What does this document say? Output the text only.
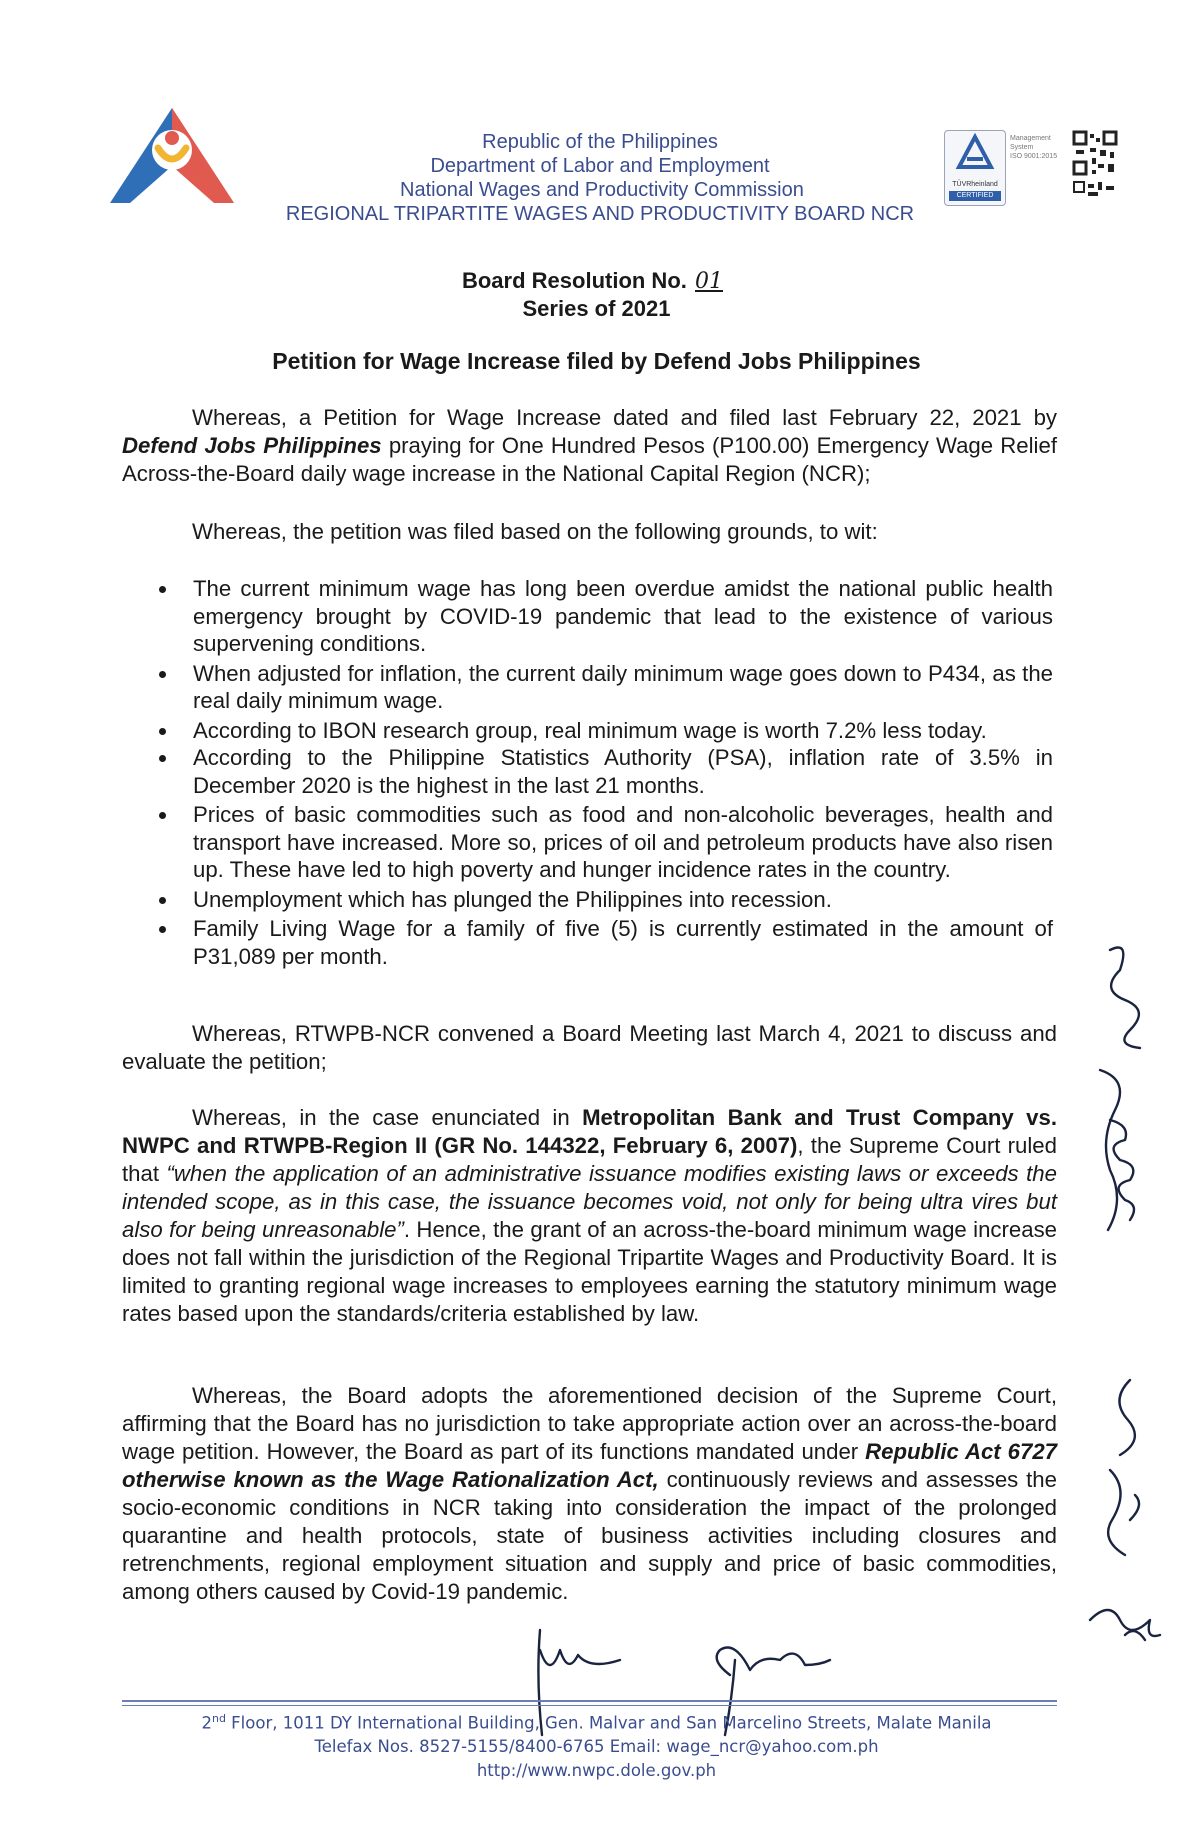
Republic of the Philippines
Department of Labor and Employment
National Wages and Productivity Commission
REGIONAL TRIPARTITE WAGES AND PRODUCTIVITY BOARD NCR
TÜVRheinland
CERTIFIED
Management System
ISO 9001:2015
Board Resolution No. 01
Series of 2021
Petition for Wage Increase filed by Defend Jobs Philippines
Whereas, a Petition for Wage Increase dated and filed last February 22, 2021 by Defend Jobs Philippines praying for One Hundred Pesos (P100.00) Emergency Wage Relief Across-the-Board daily wage increase in the National Capital Region (NCR);
Whereas, the petition was filed based on the following grounds, to wit:
The current minimum wage has long been overdue amidst the national public health emergency brought by COVID-19 pandemic that lead to the existence of various supervening conditions.
When adjusted for inflation, the current daily minimum wage goes down to P434, as the real daily minimum wage.
According to IBON research group, real minimum wage is worth 7.2% less today.
According to the Philippine Statistics Authority (PSA), inflation rate of 3.5% in December 2020 is the highest in the last 21 months.
Prices of basic commodities such as food and non-alcoholic beverages, health and transport have increased. More so, prices of oil and petroleum products have also risen up. These have led to high poverty and hunger incidence rates in the country.
Unemployment which has plunged the Philippines into recession.
Family Living Wage for a family of five (5) is currently estimated in the amount of P31,089 per month.
Whereas, RTWPB-NCR convened a Board Meeting last March 4, 2021 to discuss and evaluate the petition;
Whereas, in the case enunciated in Metropolitan Bank and Trust Company vs. NWPC and RTWPB-Region II (GR No. 144322, February 6, 2007), the Supreme Court ruled that “when the application of an administrative issuance modifies existing laws or exceeds the intended scope, as in this case, the issuance becomes void, not only for being ultra vires but also for being unreasonable”. Hence, the grant of an across-the-board minimum wage increase does not fall within the jurisdiction of the Regional Tripartite Wages and Productivity Board. It is limited to granting regional wage increases to employees earning the statutory minimum wage rates based upon the standards/criteria established by law.
Whereas, the Board adopts the aforementioned decision of the Supreme Court, affirming that the Board has no jurisdiction to take appropriate action over an across-the-board wage petition. However, the Board as part of its functions mandated under Republic Act 6727 otherwise known as the Wage Rationalization Act, continuously reviews and assesses the socio-economic conditions in NCR taking into consideration the impact of the prolonged quarantine and health protocols, state of business activities including closures and retrenchments, regional employment situation and supply and price of basic commodities, among others caused by Covid-19 pandemic.
2nd Floor, 1011 DY International Building, Gen. Malvar and San Marcelino Streets, Malate Manila
Telefax Nos. 8527-5155/8400-6765 Email: wage_ncr@yahoo.com.ph
http://www.nwpc.dole.gov.ph
